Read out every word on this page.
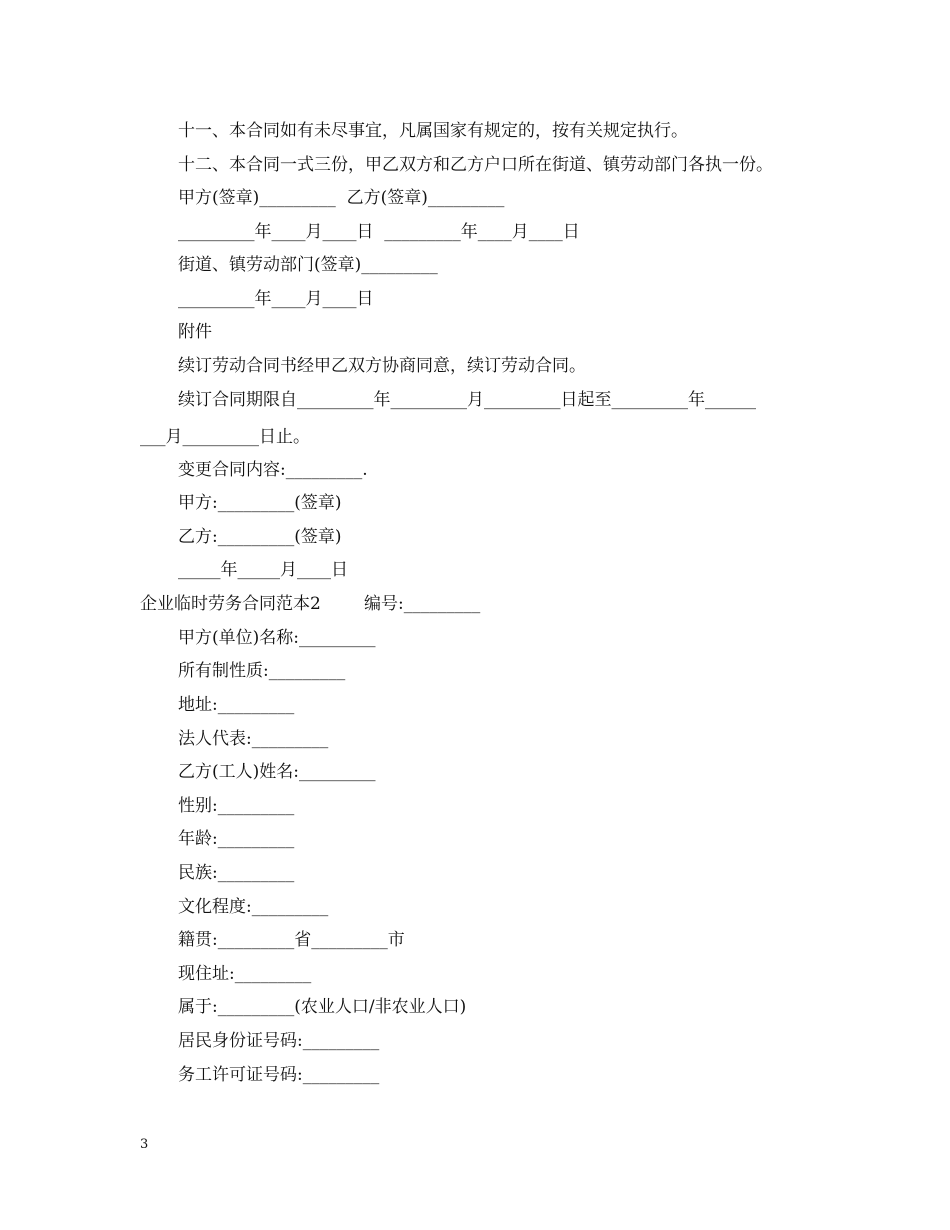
十一、本合同如有未尽事宜，凡属国家有规定的，按有关规定执行。
十二、本合同一式三份，甲乙双方和乙方户口所在街道、镇劳动部门各执一份。
甲方(签章)_________  乙方(签章)_________
_________年____月____日  _________年____月____日
街道、镇劳动部门(签章)_________
_________年____月____日
附件
续订劳动合同书经甲乙双方协商同意，续订劳动合同。
续订合同期限自_________年_________月_________日起至_________年______
___月_________日止。
变更合同内容:_________.
甲方:_________(签章)
乙方:_________(签章)
_____年_____月____日
企业临时劳务合同范本2        编号:_________
甲方(单位)名称:_________
所有制性质:_________
地址:_________
法人代表:_________
乙方(工人)姓名:_________
性别:_________
年龄:_________
民族:_________
文化程度:_________
籍贯:_________省_________市
现住址:_________
属于:_________(农业人口/非农业人口)
居民身份证号码:_________
务工许可证号码:_________
3
